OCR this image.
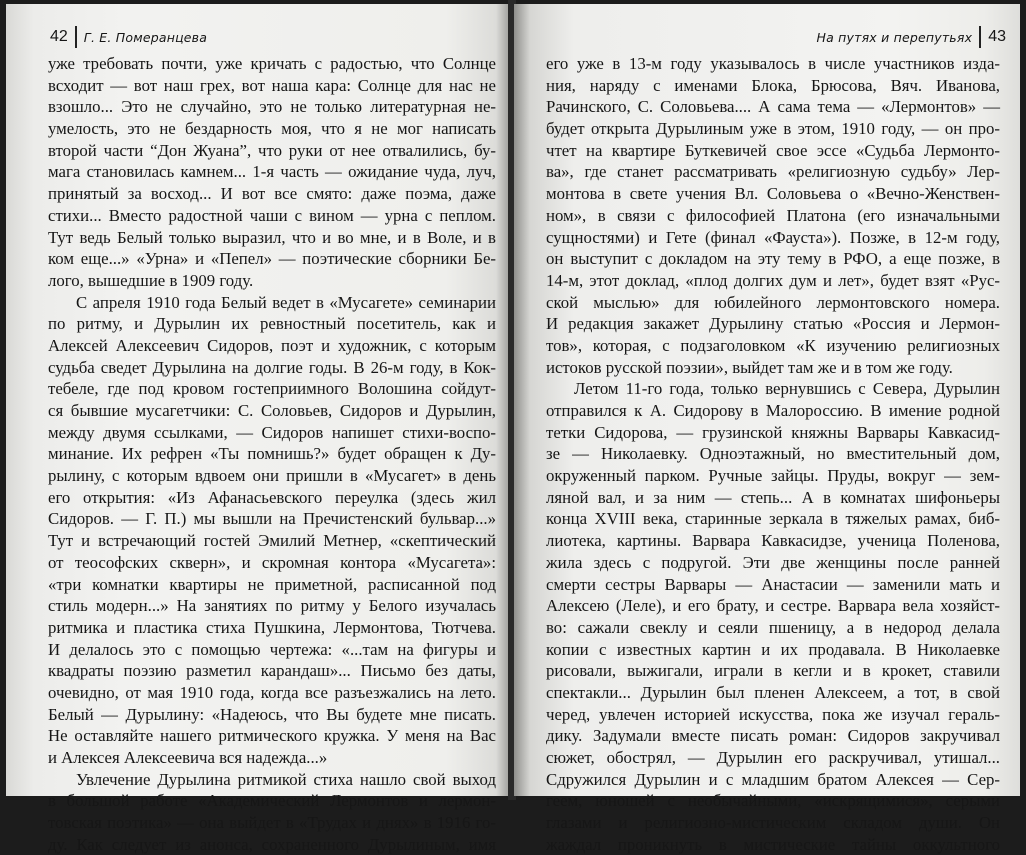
42 Г. Е. Померанцева
уже требовать почти, уже кричать с радостью, что Солнце
всходит — вот наш грех, вот наша кара: Солнце для нас не
взошло... Это не случайно, это не только литературная не-
умелость, это не бездарность моя, что я не мог написать
второй части “Дон Жуана”, что руки от нее отвалились, бу-
мага становилась камнем... 1-я часть — ожидание чуда, луч,
принятый за восход... И вот все смято: даже поэма, даже
стихи... Вместо радостной чаши с вином — урна с пеплом.
Тут ведь Белый только выразил, что и во мне, и в Воле, и в
ком еще...» «Урна» и «Пепел» — поэтические сборники Бе-
лого, вышедшие в 1909 году.
С апреля 1910 года Белый ведет в «Мусагете» семинарии
по ритму, и Дурылин их ревностный посетитель, как и
Алексей Алексеевич Сидоров, поэт и художник, с которым
судьба сведет Дурылина на долгие годы. В 26-м году, в Кок-
тебеле, где под кровом гостеприимного Волошина сойдут-
ся бывшие мусагетчики: С. Соловьев, Сидоров и Дурылин,
между двумя ссылками, — Сидоров напишет стихи-воспо-
минание. Их рефрен «Ты помнишь?» будет обращен к Ду-
рылину, с которым вдвоем они пришли в «Мусагет» в день
его открытия: «Из Афанасьевского переулка (здесь жил
Сидоров. — Г. П.) мы вышли на Пречистенский бульвар...»
Тут и встречающий гостей Эмилий Метнер, «скептический
от теософских скверн», и скромная контора «Мусагета»:
«три комнатки квартиры не приметной, расписанной под
стиль модерн...» На занятиях по ритму у Белого изучалась
ритмика и пластика стиха Пушкина, Лермонтова, Тютчева.
И делалось это с помощью чертежа: «...там на фигуры и
квадраты поэзию разметил карандаш»... Письмо без даты,
очевидно, от мая 1910 года, когда все разъезжались на лето.
Белый — Дурылину: «Надеюсь, что Вы будете мне писать.
Не оставляйте нашего ритмического кружка. У меня на Вас
и Алексея Алексеевича вся надежда...»
Увлечение Дурылина ритмикой стиха нашло свой выход
в большой работе «Академический Лермонтов и лермон-
товская поэтика» — она выйдет в «Трудах и днях» в 1916 го-
ду. Как следует из анонса, сохраненного Дурылиным, имя
На путях и перепутьях 43
его уже в 13-м году указывалось в числе участников изда-
ния, наряду с именами Блока, Брюсова, Вяч. Иванова,
Рачинского, С. Соловьева.... А сама тема — «Лермонтов» —
будет открыта Дурылиным уже в этом, 1910 году, — он про-
чтет на квартире Буткевичей свое эссе «Судьба Лермонто-
ва», где станет рассматривать «религиозную судьбу» Лер-
монтова в свете учения Вл. Соловьева о «Вечно-Женствен-
ном», в связи с философией Платона (его изначальными
сущностями) и Гете (финал «Фауста»). Позже, в 12-м году,
он выступит с докладом на эту тему в РФО, а еще позже, в
14-м, этот доклад, «плод долгих дум и лет», будет взят «Рус-
ской мыслью» для юбилейного лермонтовского номера.
И редакция закажет Дурылину статью «Россия и Лермон-
тов», которая, с подзаголовком «К изучению религиозных
истоков русской поэзии», выйдет там же и в том же году.
Летом 11-го года, только вернувшись с Севера, Дурылин
отправился к А. Сидорову в Малороссию. В имение родной
тетки Сидорова, — грузинской княжны Варвары Кавкасид-
зе — Николаевку. Одноэтажный, но вместительный дом,
окруженный парком. Ручные зайцы. Пруды, вокруг — зем-
ляной вал, и за ним — степь... А в комнатах шифоньеры
конца XVIII века, старинные зеркала в тяжелых рамах, биб-
лиотека, картины. Варвара Кавкасидзе, ученица Поленова,
жила здесь с подругой. Эти две женщины после ранней
смерти сестры Варвары — Анастасии — заменили мать и
Алексею (Леле), и его брату, и сестре. Варвара вела хозяйст-
во: сажали свеклу и сеяли пшеницу, а в недород делала
копии с известных картин и их продавала. В Николаевке
рисовали, выжигали, играли в кегли и в крокет, ставили
спектакли... Дурылин был пленен Алексеем, а тот, в свой
черед, увлечен историей искусства, пока же изучал гераль-
дику. Задумали вместе писать роман: Сидоров закручивал
сюжет, обострял, — Дурылин его раскручивал, утишал...
Сдружился Дурылин и с младшим братом Алексея — Сер-
геем, юношей с необычайными, «искрящимися», серыми
глазами и религиозно-мистическим складом души. Он
жаждал проникнуть в мистические тайны оккультного
